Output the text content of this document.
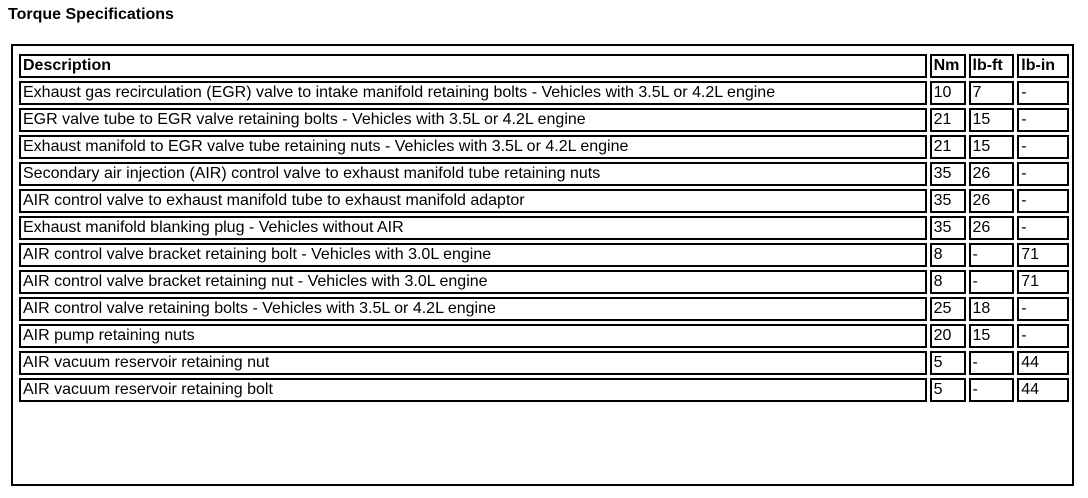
Torque Specifications
Description	Nm	lb-ft	lb-in
Exhaust gas recirculation (EGR) valve to intake manifold retaining bolts - Vehicles with 3.5L or 4.2L engine	10	7	-
EGR valve tube to EGR valve retaining bolts - Vehicles with 3.5L or 4.2L engine	21	15	-
Exhaust manifold to EGR valve tube retaining nuts - Vehicles with 3.5L or 4.2L engine	21	15	-
Secondary air injection (AIR) control valve to exhaust manifold tube retaining nuts	35	26	-
AIR control valve to exhaust manifold tube to exhaust manifold adaptor	35	26	-
Exhaust manifold blanking plug - Vehicles without AIR	35	26	-
AIR control valve bracket retaining bolt - Vehicles with 3.0L engine	8	-	71
AIR control valve bracket retaining nut - Vehicles with 3.0L engine	8	-	71
AIR control valve retaining bolts - Vehicles with 3.5L or 4.2L engine	25	18	-
AIR pump retaining nuts	20	15	-
AIR vacuum reservoir retaining nut	5	-	44
AIR vacuum reservoir retaining bolt	5	-	44
